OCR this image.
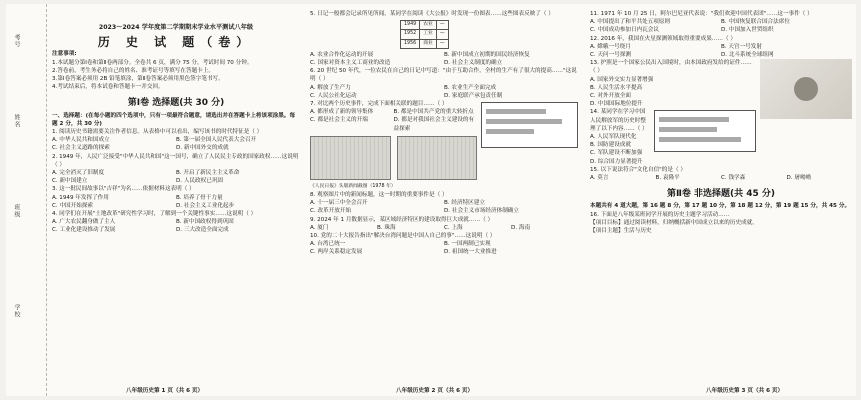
考号
姓名
班级
学校
2023～2024 学年度第二学期期末学业水平测试八年级
历 史 试 题（卷）
注意事项:

1.本试题分第Ⅰ卷和第Ⅱ卷两部分。全卷共 6 页，满分 75 分，考试时间 70 分钟。

2.答卷前，考生务必将自己的姓名、准考证号等填写在答题卡上。

3.第Ⅰ卷答案必须用 2B 铅笔填涂，第Ⅱ卷答案必须用黑色签字笔书写。

4.考试结束后，将本试卷和答题卡一并交回。

第Ⅰ卷 选择题(共 30 分)

一、选择题：(在每小题的四个选项中，只有一项最符合题意，请选出并在答题卡上将该项涂黑。每题 2 分，共 30 分)

1. 阅读历史书籍需要关注作者信息。从表格中可以看出，编写该书的时代特征是（ ）

A. 中华人民共和国成立	B. 第一届全国人民代表大会召开
C. 社会主义道路的探索	D. 新中国外交的成就

2. 1949 年，人民广泛接受"中华人民共和国"这一国号，确立了人民民主专政的国家政权……这说明（ ）

A. 完全消灭了旧制度	B. 开启了新民主主义革命
C. 新中国建立	D. 人民政权已巩固

3. 这一批民间故事以"吉祥"为名……依据材料这表明（ ）

A. 1949 年发挥了作用	B. 培养了骨干力量
C. 中国开始探索	D. 社会主义工业化起步

4. 同学们在开展"土地改革"研究性学习时，了解到一个关键性事实……这说明（ ）

A. 广大农民翻身做了主人	B. 新中国政权得到巩固
C. 工业化建设推动了发展	D. 三大改造全面完成
八年级历史第 1 页（共 6 页）

5. 日记一般都会记录所见所闻，某同学在阅读《大公报》时发现一份图表……这些图表反映了（ ）

1949	农业	—
1952	工业	—
1956	商业	—
A. 农业合作化运动的开展	B. 新中国成立初期的国民经济恢复
C. 国家对资本主义工商业的改造	D. 社会主义制度的确立

6. 20 世纪 50 年代，一位农民在自己的日记中写道："由于互助合作，全村的生产有了很大的提高……"这说明（ ）

A. 解放了生产力	B. 农业生产全面完成
C. 人民公社化运动	D. 家庭联产承包责任制

7. 对比两个历史事件，完成下面相关联的题目……（ ）

A. 都形成了新的领导集体	B. 都是中国共产党的重大转折点
C. 都是社会主义的开端	D. 都是对我国社会主义建设的有益探索

《人民日报》头版新闻截图（1978 年）

8. 观察图片中的新闻标题，这一时期的重要事件是（ ）

A. 十一届三中全会召开	B. 经济特区建立
C. 改革开放开始	D. 社会主义市场经济体制确立

9. 2024 年 1 月数据显示，某区域经济特区的建设取得巨大成就……（ ）

A. 厦门	B. 珠海	C. 上海	D. 海南

10. 党的二十大报告指出"解决台湾问题是中国人自己的事"……这说明（ ）

A. 台湾已统一	B. 一国两制已实现
C. 两岸关系稳定发展	D. 祖国统一大业推进
八年级历史第 2 页（共 6 页）

11. 1971 年 10 月 25 日，阿尔巴尼亚代表说："我们欢迎中国代表团"……这一事件（ ）

A. 中国提出了和平共处五项原则	B. 中国恢复联合国合法席位
C. 中国成功参加日内瓦会议	D. 中国加入世贸组织

12. 2016 年，我国在火星探测领域取得重要成果……（ ）

A. 嫦娥一号绕月	B. 天宫一号发射
C. 天问一号探测	D. 北斗系统全球组网

13. 护照是一个国家公民出入国境时，由本国政府发给的证件……（ ）

A. 国家外交实力显著增强
B. 人民生活水平提高
C. 对外开放全面
D. 中国国际地位提升

14. 某同学在学习中国人民解放军的历史时整理了以下内容……（ ）

A. 人民军队现代化
B. 国防建设成就
C. 军队建设不断加强
D. 综合国力显著提升

15. 以下说法符合"文化自信"的是（ ）

A. 莫言	B. 袁隆平	C. 钱学森	D. 屠呦呦
第Ⅱ卷 非选择题(共 45 分)

本题共有 4 道大题，第 16 题 8 分，第 17 题 10 分，第 18 题 12 分，第 19 题 15 分，共 45 分。

16. 下面是八年级某班同学开展的历史主题学习活动……

【项目目标】通过阅读材料，归纳概括新中国成立以来的历史成就。

【项目主题】生活与历史

八年级历史第 3 页（共 6 页）
